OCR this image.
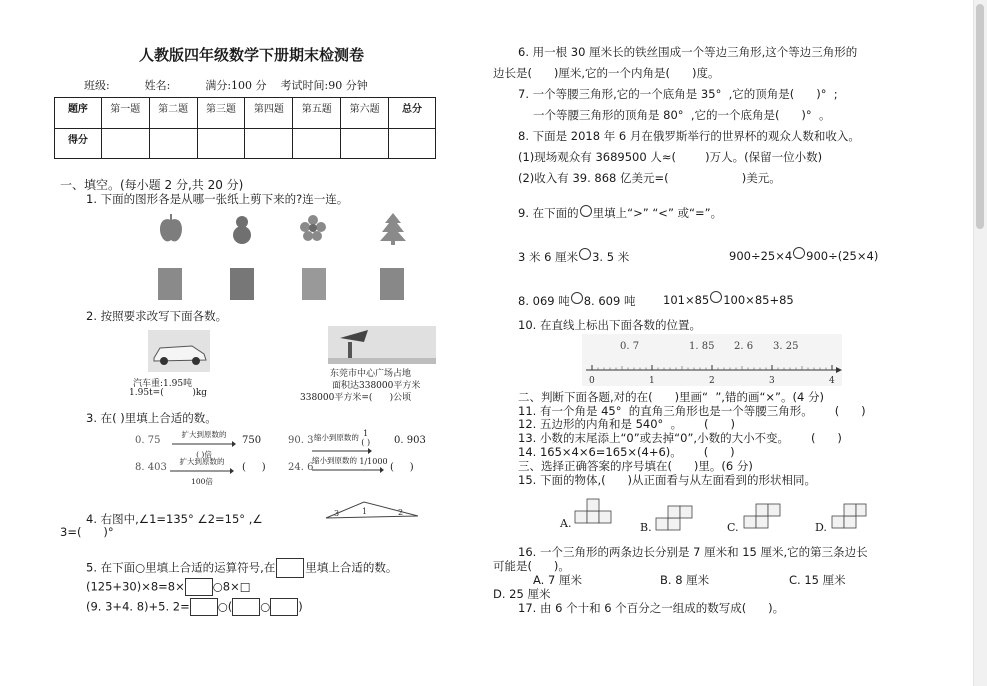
人教版四年级数学下册期末检测卷
班级:          姓名:          满分:100 分    考试时间:90 分钟
题序	第一题	第二题	第三题	第四题	第五题	第六题	总分
得分							
一、填空。(每小题 2 分,共 20 分)
1. 下面的图形各是从哪一张纸上剪下来的?连一连。
2. 按照要求改写下面各数。
汽车重:1.95吨
1.95t=(          )kg
东莞市中心广场占地
面积达338000平方米
338000平方米=(      )公顷
3. 在( )里填上合适的数。
0. 75
扩大到原数的
( )倍
750	90. 3 缩小到原数的 1
( ) 0. 903
8. 403
扩大到原数的
100倍
(     ) 24. 6
缩小到原数的 1/1000
(     )
4. 右图中,∠1=135° ∠2=15° ,∠
3=(      )°
3	1	2
5. 在下面○里填上合适的运算符号,在	里填上合适的数。
(125+30)×8=8× ○8×□
(9. 3+4. 8)+5. 2= ○( ○ )
6. 用一根 30 厘米长的铁丝围成一个等边三角形,这个等边三角形的
边长是(      )厘米,它的一个内角是(      )度。
7. 一个等腰三角形,它的一个底角是 35°  ,它的顶角是(      )°  ;
一个等腰三角形的顶角是 80°  ,它的一个底角是(      )°  。
8. 下面是 2018 年 6 月在俄罗斯举行的世界杯的观众人数和收入。
(1)现场观众有 3689500 人≈(        )万人。(保留一位小数)
(2)收入有 39. 868 亿美元=(                    )美元。
9. 在下面的 里填上“>” “<” 或“=”。
3 米 6 厘米 3. 5 米	900÷25×4 900÷(25×4)
8. 069 吨 8. 609 吨 101×85 100×85+85
10. 在直线上标出下面各数的位置。
0. 7	1. 85 2. 6 3. 25
0	1	2	3	4
二、判断下面各题,对的在(      )里画“  ”,错的画“×”。(4 分)
11. 有一个角是 45°  的直角三角形也是一个等腰三角形。      (      )
12. 五边形的内角和是 540°  。      (      )
13. 小数的末尾添上“0”或去掉“0”,小数的大小不变。      (      )
14. 165×4×6=165×(4+6)。      (      )
三、选择正确答案的序号填在(      )里。(6 分)
15. 下面的物体,(      )从正面看与从左面看到的形状相同。
A.	B.	C.	D.
16. 一个三角形的两条边长分别是 7 厘米和 15 厘米,它的第三条边长
可能是(      )。
A. 7 厘米	B. 8 厘米	C. 15 厘米
D. 25 厘米
17. 由 6 个十和 6 个百分之一组成的数写成(      )。
